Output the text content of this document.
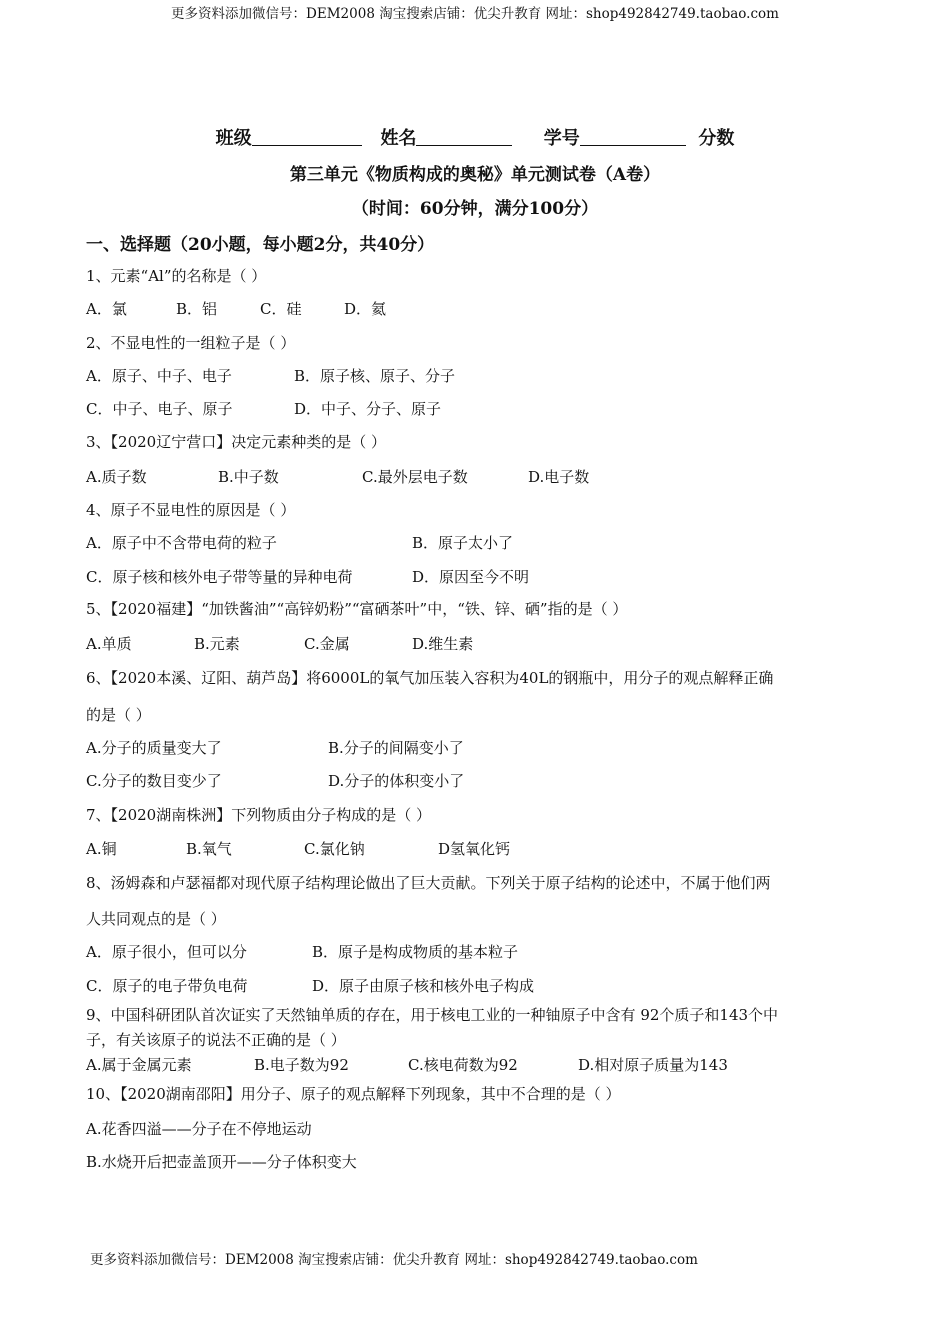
更多资料添加微信号：DEM2008 淘宝搜索店铺：优尖升教育 网址：shop492842749.taobao.com
班级	姓名	学号	分数
第三单元《物质构成的奥秘》单元测试卷（A卷）
（时间：60分钟，满分100分）
一、选择题（20小题，每小题2分，共40分）
1、元素“Al”的名称是（ ）
A．氯	B．铝	C．硅	D．氦
2、不显电性的一组粒子是（ ）
A．原子、中子、电子	B．原子核、原子、分子
C．中子、电子、原子	D．中子、分子、原子
3、【2020辽宁营口】决定元素种类的是（ ）
A.质子数	B.中子数	C.最外层电子数	D.电子数
4、原子不显电性的原因是（ ）
A．原子中不含带电荷的粒子	B．原子太小了
C．原子核和核外电子带等量的异种电荷	D．原因至今不明
5、【2020福建】“加铁酱油”“高锌奶粉”“富硒茶叶”中，“铁、锌、硒”指的是（ ）
A.单质	B.元素	C.金属	D.维生素
6、【2020本溪、辽阳、葫芦岛】将6000L的氧气加压装入容积为40L的钢瓶中，用分子的观点解释正确
的是（ ）
A.分子的质量变大了	B.分子的间隔变小了
C.分子的数目变少了	D.分子的体积变小了
7、【2020湖南株洲】下列物质由分子构成的是（ ）
A.铜	B.氧气	C.氯化钠	D氢氧化钙
8、汤姆森和卢瑟福都对现代原子结构理论做出了巨大贡献。下列关于原子结构的论述中，不属于他们两
人共同观点的是（ ）
A．原子很小，但可以分	B．原子是构成物质的基本粒子
C．原子的电子带负电荷	D．原子由原子核和核外电子构成
9、中国科研团队首次证实了天然铀单质的存在，用于核电工业的一种铀原子中含有 92个质子和143个中
子，有关该原子的说法不正确的是（ ）
A.属于金属元素	B.电子数为92	C.核电荷数为92	D.相对原子质量为143
10、【2020湖南邵阳】用分子、原子的观点解释下列现象，其中不合理的是（ ）
A.花香四溢——分子在不停地运动
B.水烧开后把壶盖顶开——分子体积变大
更多资料添加微信号：DEM2008 淘宝搜索店铺：优尖升教育 网址：shop492842749.taobao.com
